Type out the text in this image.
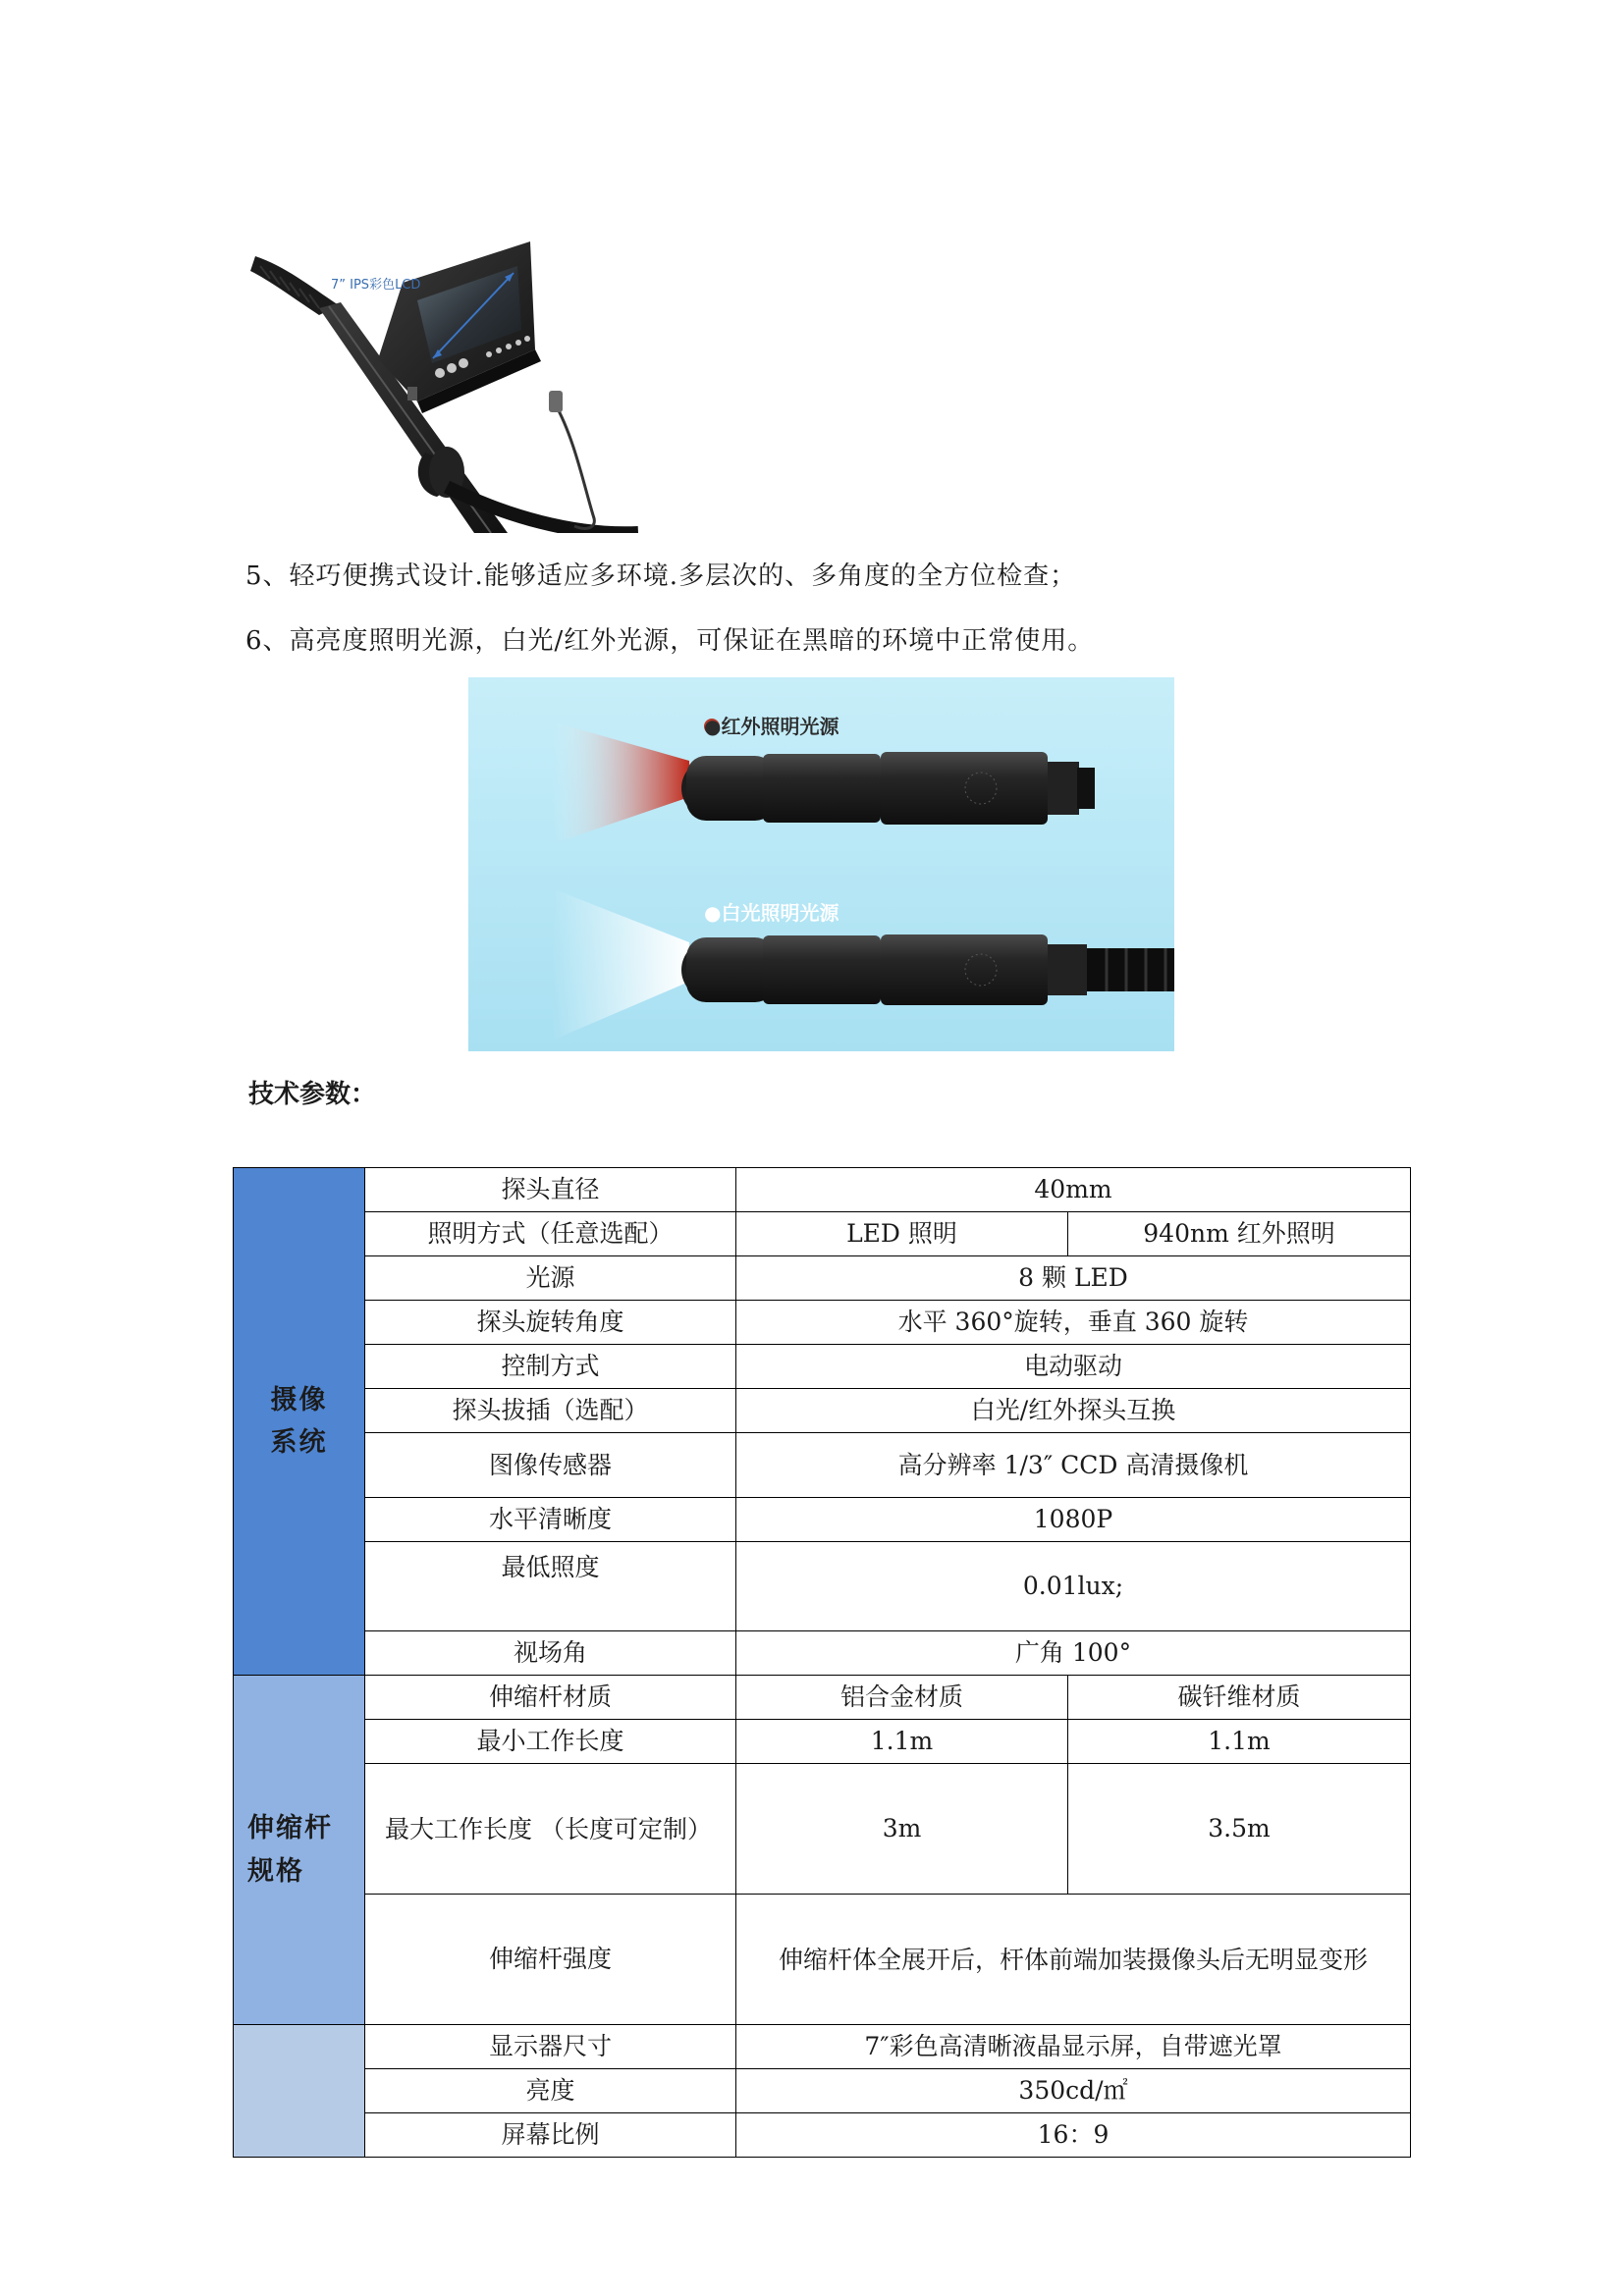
7” IPS彩色LCD
5、轻巧便携式设计.能够适应多环境.多层次的、多角度的全方位检查；
6、高亮度照明光源，白光/红外光源，可保证在黑暗的环境中正常使用。
●红外照明光源
●白光照明光源
技术参数：
摄像系统	探头直径	40mm	
	照明方式（任意选配）	LED 照明	940nm 红外照明
	光源	8 颗 LED	
	探头旋转角度	水平 360°旋转，垂直 360 旋转	
	控制方式	电动驱动	
	探头拔插（选配）	白光/红外探头互换	
	图像传感器	高分辨率 1/3″ CCD 高清摄像机	
	水平清晰度	1080P	
	最低照度	0.01lux;	
	视场角	广角 100°	
伸缩杆规格	伸缩杆材质	铝合金材质	碳钎维材质
	最小工作长度	1.1m	1.1m
	最大工作长度 （长度可定制）	3m	3.5m
	伸缩杆强度	伸缩杆体全展开后，杆体前端加装摄像头后无明显变形	
	显示器尺寸	7″彩色高清晰液晶显示屏，自带遮光罩	
	亮度	350cd/㎡	
	屏幕比例	16：9	
